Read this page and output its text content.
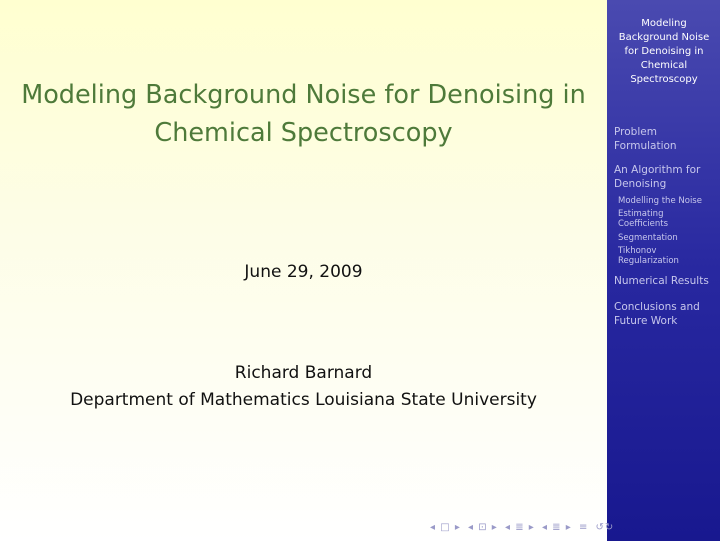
Modeling Background Noise for Denoising in Chemical Spectroscopy
June 29, 2009
Richard Barnard
Department of Mathematics Louisiana State University
Modeling Background Noise for Denoising in Chemical Spectroscopy
Problem Formulation
An Algorithm for Denoising
Modelling the Noise
Estimating Coefficients
Segmentation
Tikhonov Regularization
Numerical Results
Conclusions and Future Work
◂ □ ▸ ◂ ⊡ ▸ ◂ ≣ ▸ ◂ ≣ ▸ ≡ ↺↻
